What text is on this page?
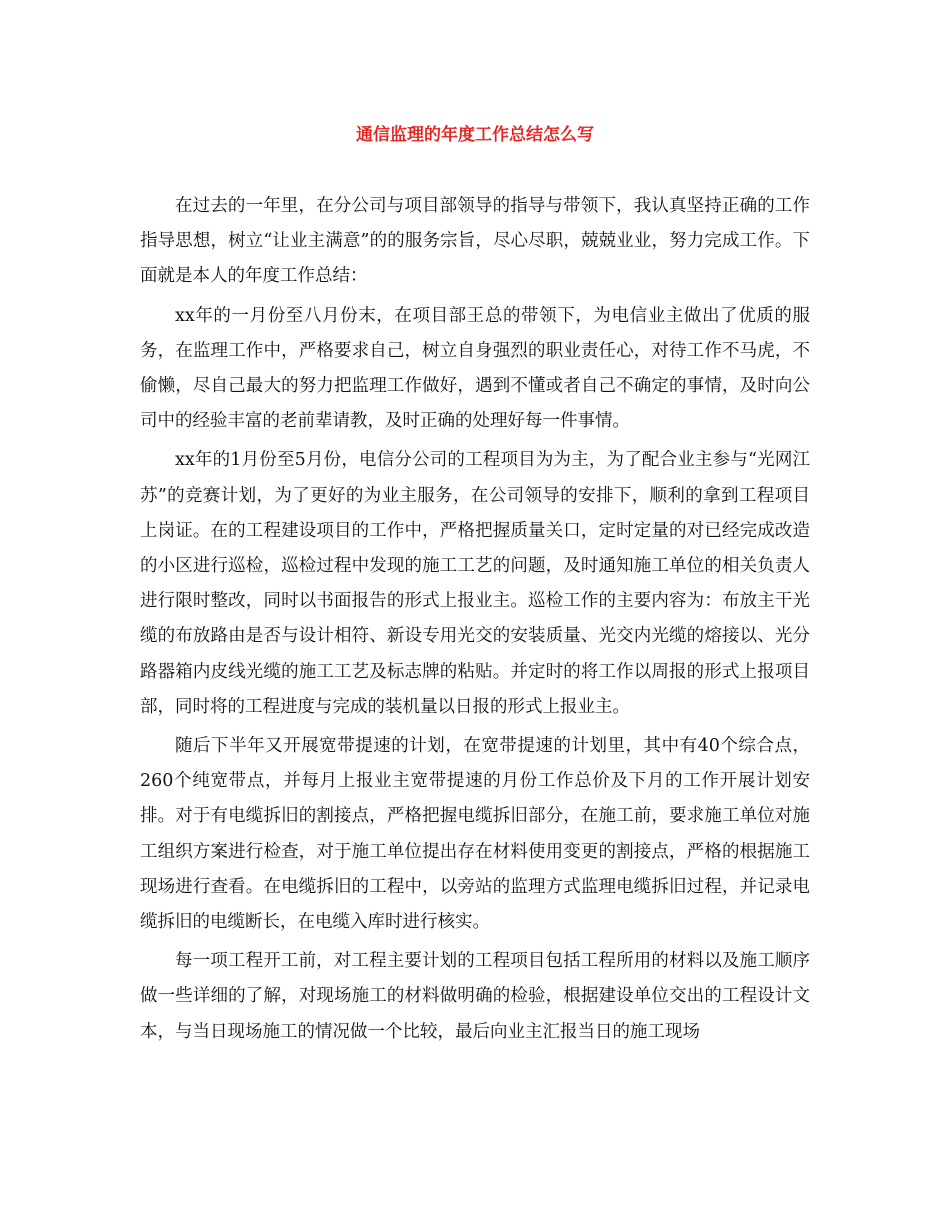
通信监理的年度工作总结怎么写

在过去的一年里，在分公司与项目部领导的指导与带领下，我认真坚持正确的工作指导思想，树立“让业主满意”的的服务宗旨，尽心尽职，兢兢业业，努力完成工作。下面就是本人的年度工作总结：

xx年的一月份至八月份末，在项目部王总的带领下，为电信业主做出了优质的服务，在监理工作中，严格要求自己，树立自身强烈的职业责任心，对待工作不马虎，不偷懒，尽自己最大的努力把监理工作做好，遇到不懂或者自己不确定的事情，及时向公司中的经验丰富的老前辈请教，及时正确的处理好每一件事情。

xx年的1月份至5月份，电信分公司的工程项目为为主，为了配合业主参与“光网江苏”的竞赛计划，为了更好的为业主服务，在公司领导的安排下，顺利的拿到工程项目上岗证。在的工程建设项目的工作中，严格把握质量关口，定时定量的对已经完成改造的小区进行巡检，巡检过程中发现的施工工艺的问题，及时通知施工单位的相关负责人进行限时整改，同时以书面报告的形式上报业主。巡检工作的主要内容为：布放主干光缆的布放路由是否与设计相符、新设专用光交的安装质量、光交内光缆的熔接以、光分路器箱内皮线光缆的施工工艺及标志牌的粘贴。并定时的将工作以周报的形式上报项目部，同时将的工程进度与完成的装机量以日报的形式上报业主。

随后下半年又开展宽带提速的计划，在宽带提速的计划里，其中有40个综合点，260个纯宽带点，并每月上报业主宽带提速的月份工作总价及下月的工作开展计划安排。对于有电缆拆旧的割接点，严格把握电缆拆旧部分，在施工前，要求施工单位对施工组织方案进行检查，对于施工单位提出存在材料使用变更的割接点，严格的根据施工现场进行查看。在电缆拆旧的工程中，以旁站的监理方式监理电缆拆旧过程，并记录电缆拆旧的电缆断长，在电缆入库时进行核实。

每一项工程开工前，对工程主要计划的工程项目包括工程所用的材料以及施工顺序做一些详细的了解，对现场施工的材料做明确的检验，根据建设单位交出的工程设计文本，与当日现场施工的情况做一个比较，最后向业主汇报当日的施工现场
